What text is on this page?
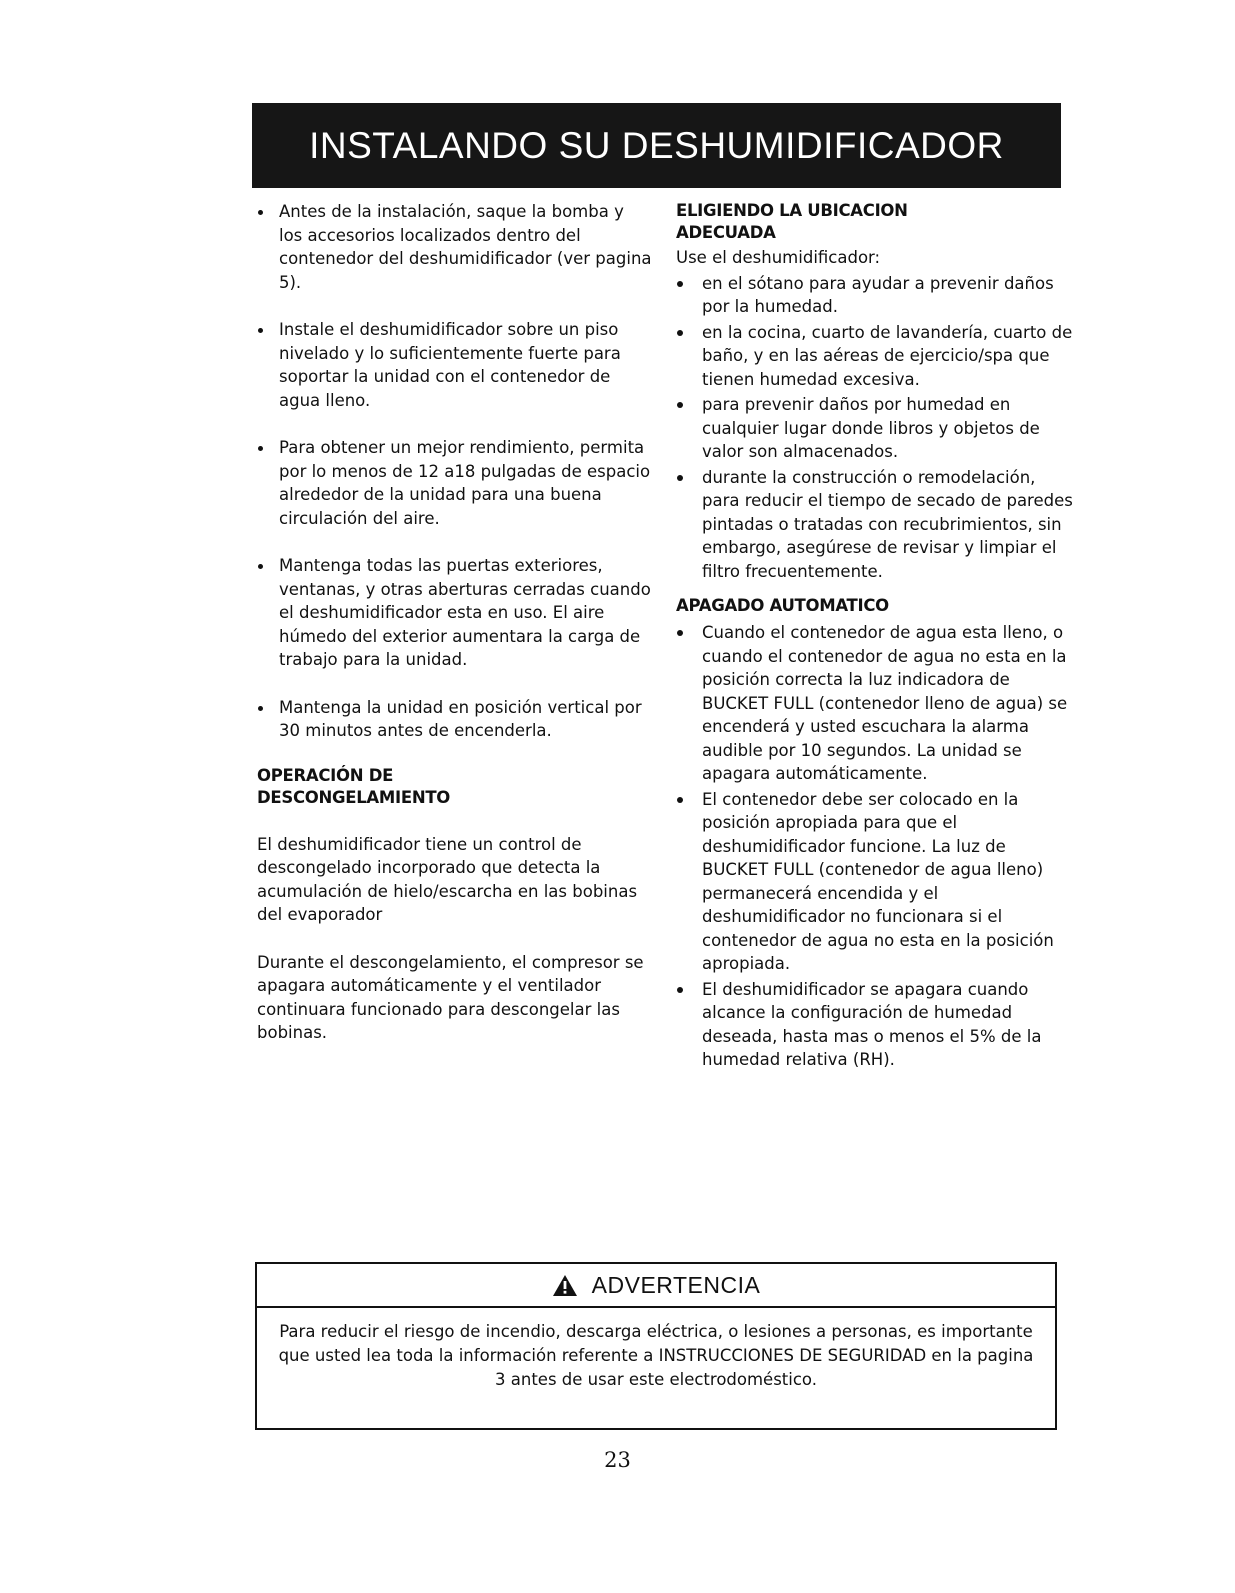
INSTALANDO SU DESHUMIDIFICADOR
Antes de la instalación, saque la bomba y los accesorios localizados dentro del contenedor del deshumidificador (ver pagina 5).
Instale el deshumidificador sobre un piso nivelado y lo suficientemente fuerte para soportar la unidad con el contenedor de agua lleno.
Para obtener un mejor rendimiento, permita por lo menos de 12 a18 pulgadas de espacio alrededor de la unidad para una buena circulación del aire.
Mantenga todas las puertas exteriores, ventanas, y otras aberturas cerradas cuando el deshumidificador esta en uso. El aire húmedo del exterior aumentara la carga de trabajo para la unidad.
Mantenga la unidad en posición vertical por 30 minutos antes de encenderla.
OPERACIÓN DE
DESCONGELAMIENTO

El deshumidificador tiene un control de descongelado incorporado que detecta la acumulación de hielo/escarcha en las bobinas del evaporador

Durante el descongelamiento, el compresor se apagara automáticamente y el ventilador continuara funcionado para descongelar las bobinas.

ELIGIENDO LA UBICACION
ADECUADA

Use el deshumidificador:

en el sótano para ayudar a prevenir daños por la humedad.
en la cocina, cuarto de lavandería, cuarto de baño, y en las aéreas de ejercicio/spa que tienen humedad excesiva.
para prevenir daños por humedad en cualquier lugar donde libros y objetos de valor son almacenados.
durante la construcción o remodelación, para reducir el tiempo de secado de paredes pintadas o tratadas con recubrimientos, sin embargo, asegúrese de revisar y limpiar el filtro frecuentemente.
APAGADO AUTOMATICO
Cuando el contenedor de agua esta lleno, o cuando el contenedor de agua no esta en la posición correcta la luz indicadora de BUCKET FULL (contenedor lleno de agua) se encenderá y usted escuchara la alarma audible por 10 segundos. La unidad se apagara automáticamente.
El contenedor debe ser colocado en la posición apropiada para que el deshumidificador funcione. La luz de BUCKET FULL (contenedor de agua lleno) permanecerá encendida y el deshumidificador no funcionara si el contenedor de agua no esta en la posición apropiada.
El deshumidificador se apagara cuando alcance la configuración de humedad deseada, hasta mas o menos el 5% de la humedad relativa (RH).
ADVERTENCIA
Para reducir el riesgo de incendio, descarga eléctrica, o lesiones a personas, es importante que usted lea toda la información referente a INSTRUCCIONES DE SEGURIDAD en la pagina 3 antes de usar este electrodoméstico.
23
